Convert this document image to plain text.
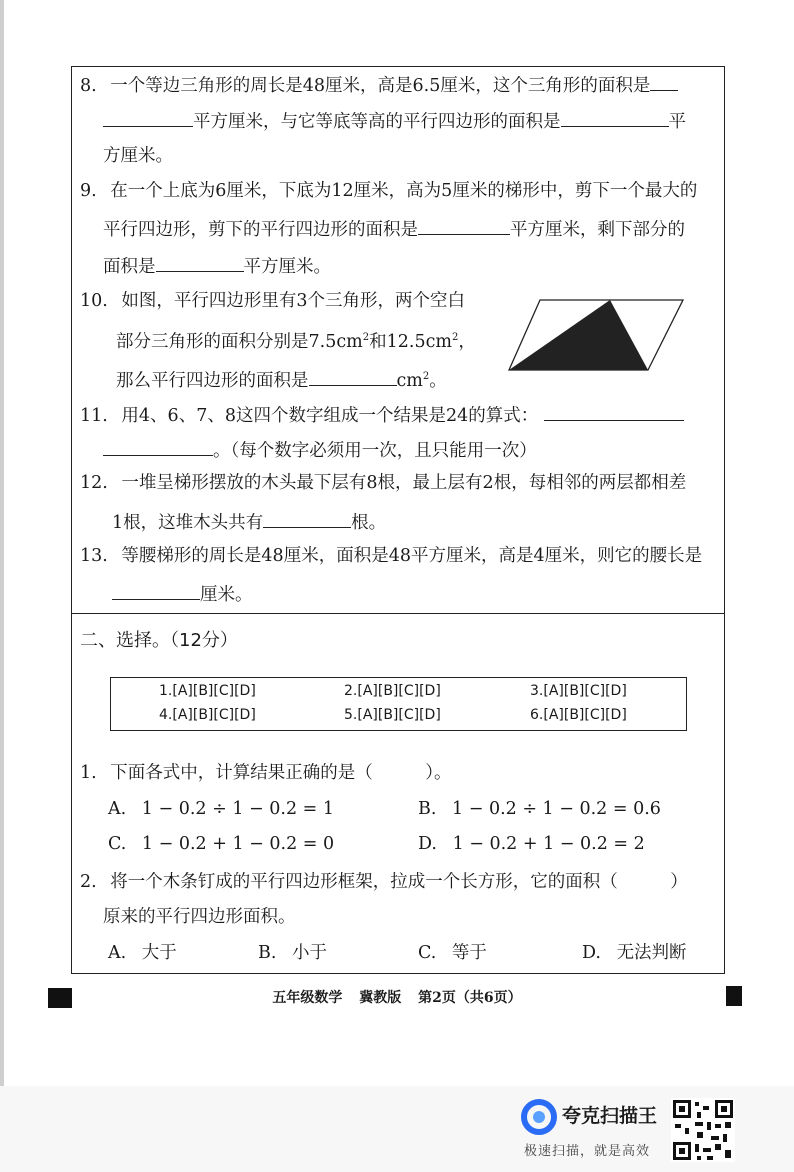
8. 一个等边三角形的周长是48厘米，高是6.5厘米，这个三角形的面积是
平方厘米，与它等底等高的平行四边形的面积是	平
方厘米。
9. 在一个上底为6厘米，下底为12厘米，高为5厘米的梯形中，剪下一个最大的
平行四边形，剪下的平行四边形的面积是	平方厘米，剩下部分的
面积是	平方厘米。
10. 如图，平行四边形里有3个三角形，两个空白
部分三角形的面积分别是$7.5cm^2$和$12.5cm^2$，
那么平行四边形的面积是	$cm^2$。
11. 用4、6、7、8这四个数字组成一个结果是24的算式：
。（每个数字必须用一次，且只能用一次）
12. 一堆呈梯形摆放的木头最下层有8根，最上层有2根，每相邻的两层都相差
1根，这堆木头共有	根。
13. 等腰梯形的周长是48厘米，面积是48平方厘米，高是4厘米，则它的腰长是
厘米。
二、选择。（12分）
1.[A][B][C][D]	2.[A][B][C][D]	3.[A][B][C][D]
4.[A][B][C][D]	5.[A][B][C][D]	6.[A][B][C][D]
1. 下面各式中，计算结果正确的是（　　　）。
A. 1 − 0.2 ÷ 1 − 0.2 = 1	B. 1 − 0.2 ÷ 1 − 0.2 = 0.6
C. 1 − 0.2 + 1 − 0.2 = 0	D. 1 − 0.2 + 1 − 0.2 = 2
2. 将一个木条钉成的平行四边形框架，拉成一个长方形，它的面积（　　　）
原来的平行四边形面积。
A. 大于	B. 小于	C. 等于	D. 无法判断
五年级数学 冀教版 第2页（共6页）
夸克扫描王
极速扫描，就是高效
